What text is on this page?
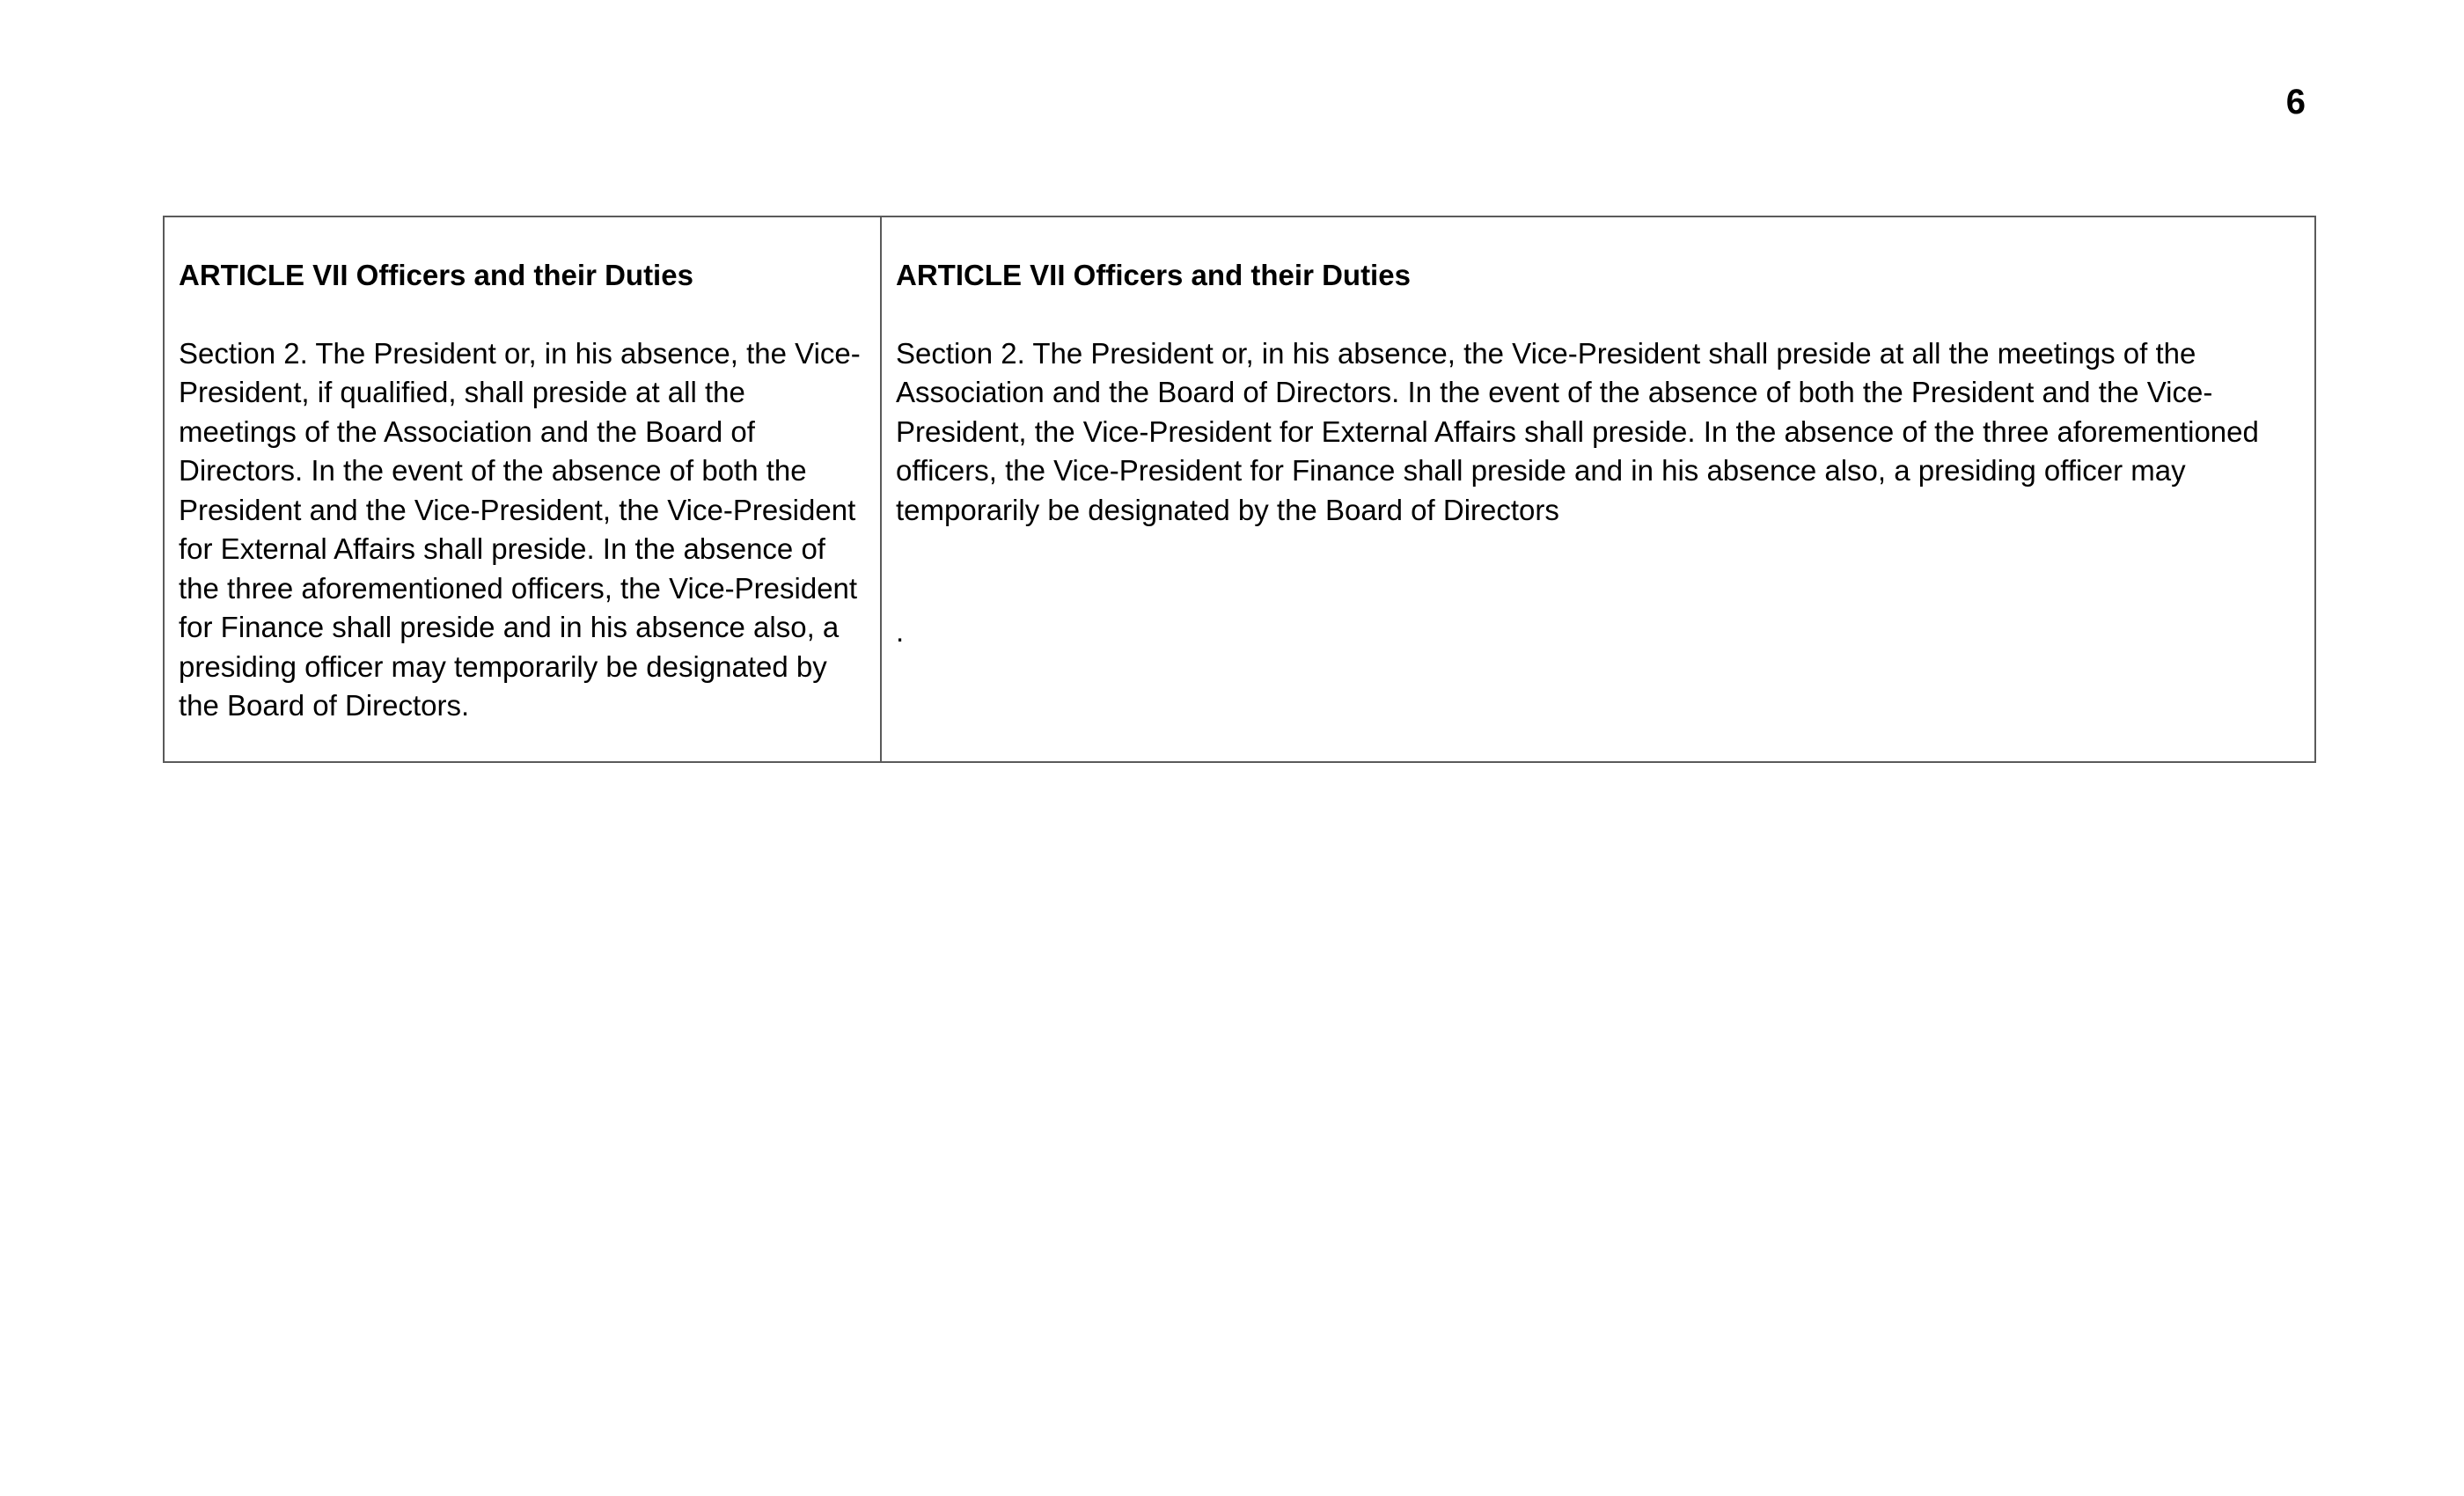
6

ARTICLE VII Officers and their Duties

Section 2. The President or, in his absence, the Vice-President, if qualified, shall preside at all the meetings of the Association and the Board of Directors. In the event of the absence of both the President and the Vice-President, the Vice-President for External Affairs shall preside. In the absence of the three aforementioned officers, the Vice-President for Finance shall preside and in his absence also, a presiding officer may temporarily be designated by the Board of Directors.

ARTICLE VII Officers and their Duties

Section 2. The President or, in his absence, the Vice-President shall preside at all the meetings of the Association and the Board of Directors. In the event of the absence of both the President and the Vice-President, the Vice-President for External Affairs shall preside. In the absence of the three aforementioned officers, the Vice-President for Finance shall preside and in his absence also, a presiding officer may temporarily be designated by the Board of Directors

.
